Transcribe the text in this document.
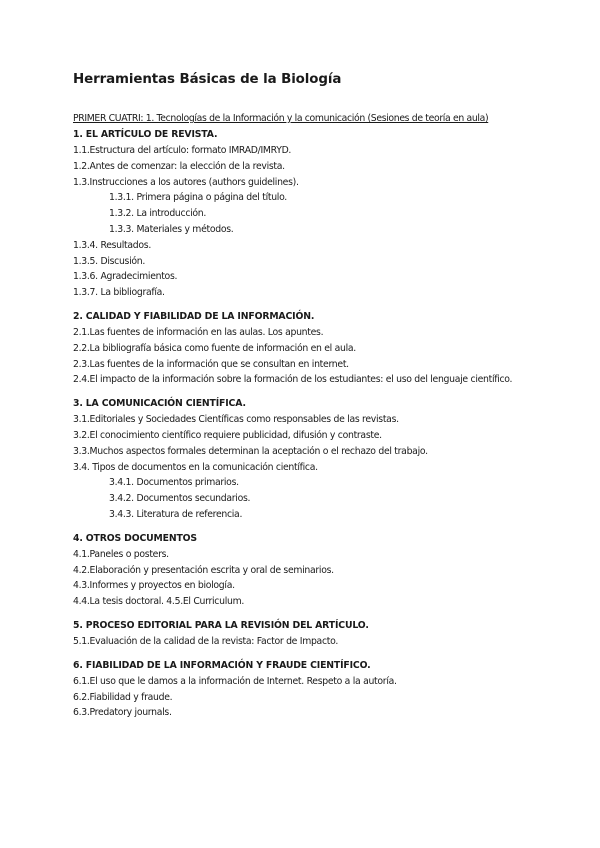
Herramientas Básicas de la Biología
PRIMER CUATRI: 1. Tecnologías de la Información y la comunicación (Sesiones de teoría en aula)
1. EL ARTÍCULO DE REVISTA.
1.1.Estructura del artículo: formato IMRAD/IMRYD.
1.2.Antes de comenzar: la elección de la revista.
1.3.Instrucciones a los autores (authors guidelines).
1.3.1. Primera página o página del título.
1.3.2. La introducción.
1.3.3. Materiales y métodos.
1.3.4. Resultados.
1.3.5. Discusión.
1.3.6. Agradecimientos.
1.3.7. La bibliografía.
2. CALIDAD Y FIABILIDAD DE LA INFORMACIÓN.
2.1.Las fuentes de información en las aulas. Los apuntes.
2.2.La bibliografía básica como fuente de información en el aula.
2.3.Las fuentes de la información que se consultan en internet.
2.4.El impacto de la información sobre la formación de los estudiantes: el uso del lenguaje científico.
3. LA COMUNICACIÓN CIENTÍFICA.
3.1.Editoriales y Sociedades Científicas como responsables de las revistas.
3.2.El conocimiento científico requiere publicidad, difusión y contraste.
3.3.Muchos aspectos formales determinan la aceptación o el rechazo del trabajo.
3.4. Tipos de documentos en la comunicación científica.
3.4.1. Documentos primarios.
3.4.2. Documentos secundarios.
3.4.3. Literatura de referencia.
4. OTROS DOCUMENTOS
4.1.Paneles o posters.
4.2.Elaboración y presentación escrita y oral de seminarios.
4.3.Informes y proyectos en biología.
4.4.La tesis doctoral. 4.5.El Curriculum.
5. PROCESO EDITORIAL PARA LA REVISIÓN DEL ARTÍCULO.
5.1.Evaluación de la calidad de la revista: Factor de Impacto.
6. FIABILIDAD DE LA INFORMACIÓN Y FRAUDE CIENTÍFICO.
6.1.El uso que le damos a la información de Internet. Respeto a la autoría.
6.2.Fiabilidad y fraude.
6.3.Predatory journals.
